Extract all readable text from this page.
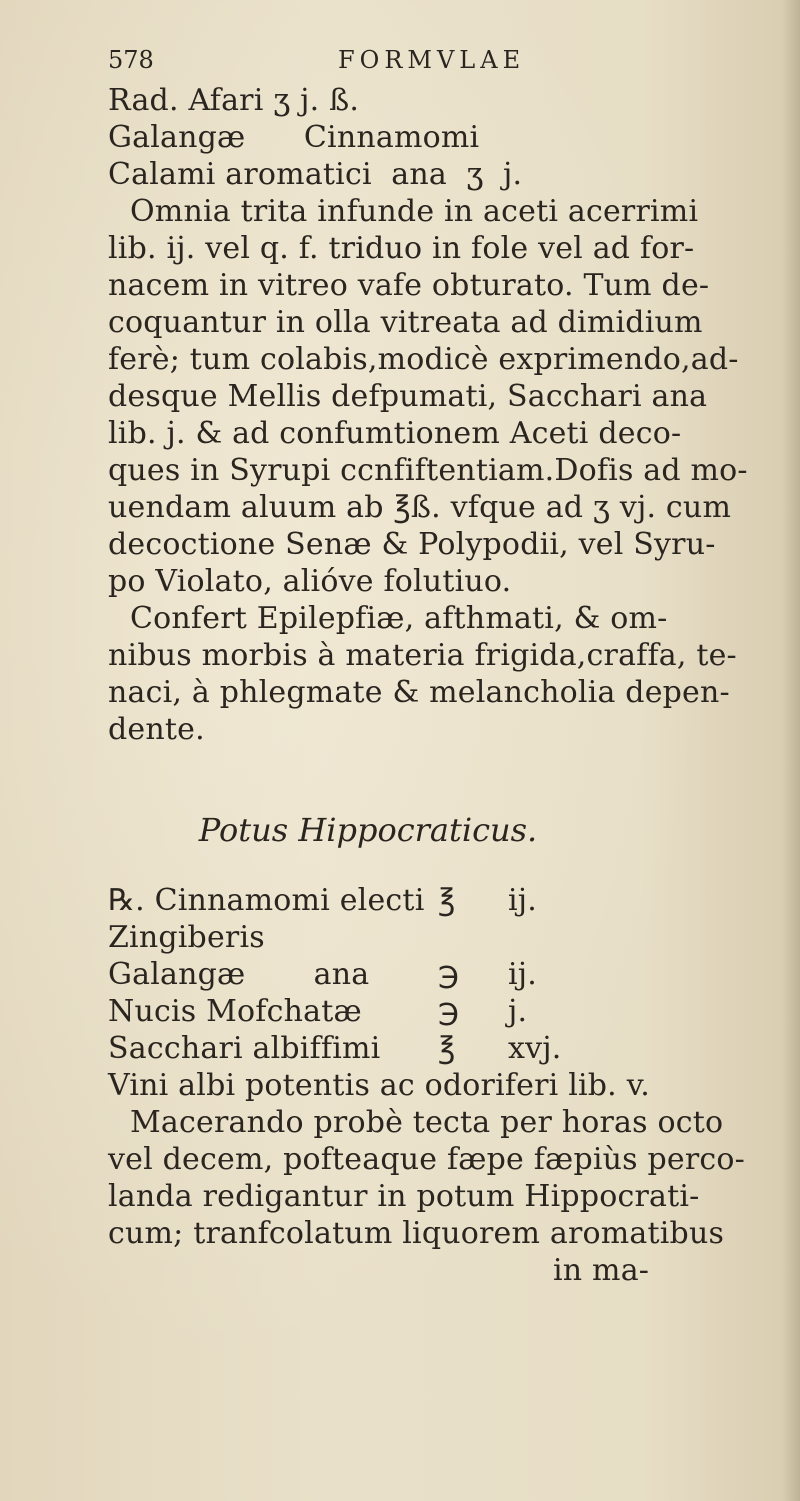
578	FORMVLAE
Rad. Afari ʒ j. ß.
Galangæ      Cinnamomi
Calami aromatici  ana  ʒ  j.
Omnia trita infunde in aceti acerrimi
lib. ij. vel q. f. triduo in fole vel ad for-
nacem in vitreo vafe obturato. Tum de-
coquantur in olla vitreata ad dimidium
ferè; tum colabis,modicè exprimendo,ad-
desque Mellis defpumati, Sacchari ana
lib. j. & ad confumtionem Aceti deco-
ques in Syrupi ccnfiftentiam.Dofis ad mo-
uendam aluum ab ℥ß. vfque ad ʒ vj. cum
decoctione Senæ & Polypodii, vel Syru-
po Violato, alióve folutiuo.
Confert Epilepfiæ, afthmati, & om-
nibus morbis à materia frigida,craffa, te-
naci, à phlegmate & melancholia depen-
dente.
Potus Hippocraticus.
℞. Cinnamomi electi ℥ ij.
Zingiberis
Galangæ       ana ℈ ij.
Nucis Mofchatæ	℈ j.
Sacchari albiffimi ℥ xvj.
Vini albi potentis ac odoriferi lib. v.
Macerando probè tecta per horas octo
vel decem, pofteaque fæpe fæpiùs perco-
landa redigantur in potum Hippocrati-
cum; tranfcolatum liquorem aromatibus
in ma-
